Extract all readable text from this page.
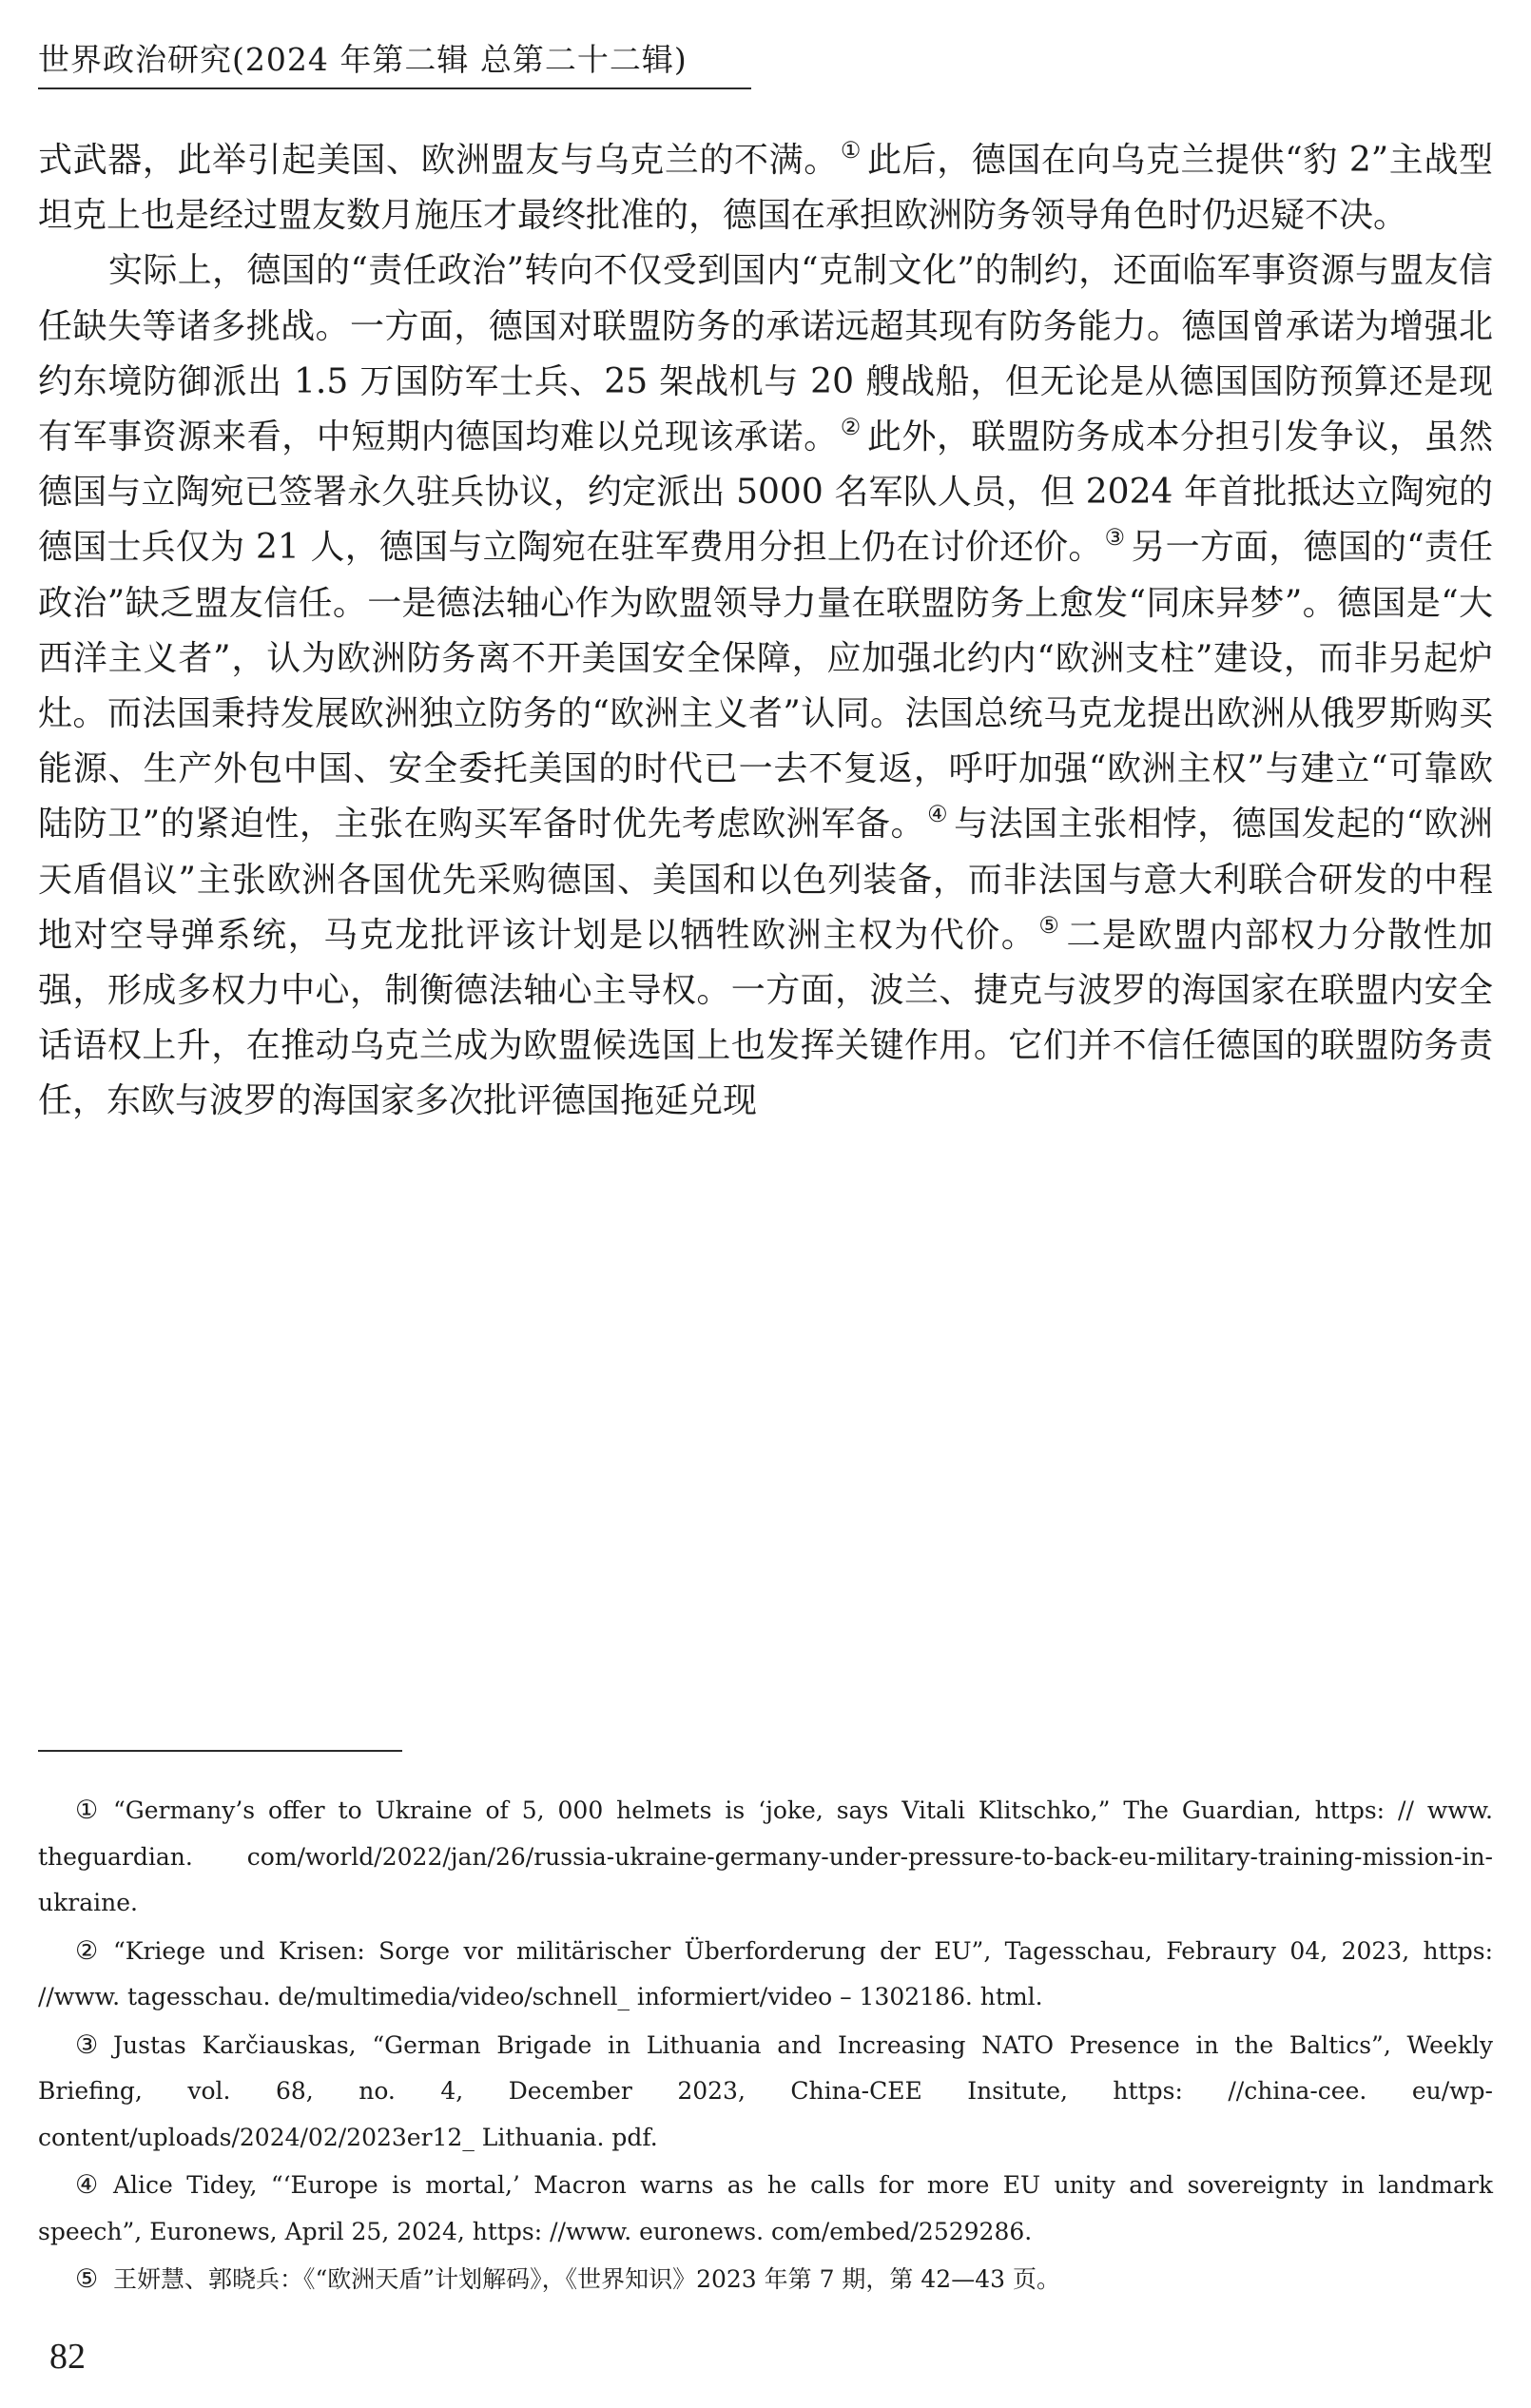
世界政治研究(2024 年第二辑 总第二十二辑)

式武器，此举引起美国、欧洲盟友与乌克兰的不满。① 此后，德国在向乌克兰提供“豹 2”主战型坦克上也是经过盟友数月施压才最终批准的，德国在承担欧洲防务领导角色时仍迟疑不决。

实际上，德国的“责任政治”转向不仅受到国内“克制文化”的制约，还面临军事资源与盟友信任缺失等诸多挑战。一方面，德国对联盟防务的承诺远超其现有防务能力。德国曾承诺为增强北约东境防御派出 1.5 万国防军士兵、25 架战机与 20 艘战船，但无论是从德国国防预算还是现有军事资源来看，中短期内德国均难以兑现该承诺。② 此外，联盟防务成本分担引发争议，虽然德国与立陶宛已签署永久驻兵协议，约定派出 5000 名军队人员，但 2024 年首批抵达立陶宛的德国士兵仅为 21 人，德国与立陶宛在驻军费用分担上仍在讨价还价。③ 另一方面，德国的“责任政治”缺乏盟友信任。一是德法轴心作为欧盟领导力量在联盟防务上愈发“同床异梦”。德国是“大西洋主义者”，认为欧洲防务离不开美国安全保障，应加强北约内“欧洲支柱”建设，而非另起炉灶。而法国秉持发展欧洲独立防务的“欧洲主义者”认同。法国总统马克龙提出欧洲从俄罗斯购买能源、生产外包中国、安全委托美国的时代已一去不复返，呼吁加强“欧洲主权”与建立“可靠欧陆防卫”的紧迫性，主张在购买军备时优先考虑欧洲军备。④ 与法国主张相悖，德国发起的“欧洲天盾倡议”主张欧洲各国优先采购德国、美国和以色列装备，而非法国与意大利联合研发的中程地对空导弹系统，马克龙批评该计划是以牺牲欧洲主权为代价。⑤ 二是欧盟内部权力分散性加强，形成多权力中心，制衡德法轴心主导权。一方面，波兰、捷克与波罗的海国家在联盟内安全话语权上升，在推动乌克兰成为欧盟候选国上也发挥关键作用。它们并不信任德国的联盟防务责任，东欧与波罗的海国家多次批评德国拖延兑现

① “Germany’s offer to Ukraine of 5, 000 helmets is ‘joke, says Vitali Klitschko,” The Guardian, https: // www. theguardian. com/world/2022/jan/26/russia-ukraine-germany-under-pressure-to-back-eu-military-training-mission-in-ukraine.

② “Kriege und Krisen: Sorge vor militärischer Überforderung der EU”, Tagesschau, Febraury 04, 2023, https: //www. tagesschau. de/multimedia/video/schnell_ informiert/video – 1302186. html.

③ Justas Karčiauskas, “German Brigade in Lithuania and Increasing NATO Presence in the Baltics”, Weekly Briefing, vol. 68, no. 4, December 2023, China-CEE Insitute, https: //china-cee. eu/wp-content/uploads/2024/02/2023er12_ Lithuania. pdf.

④ Alice Tidey, “‘Europe is mortal,’ Macron warns as he calls for more EU unity and sovereignty in landmark speech”, Euronews, April 25, 2024, https: //www. euronews. com/embed/2529286.

⑤ 王妍慧、郭晓兵：《“欧洲天盾”计划解码》，《世界知识》2023 年第 7 期，第 42—43 页。

82
